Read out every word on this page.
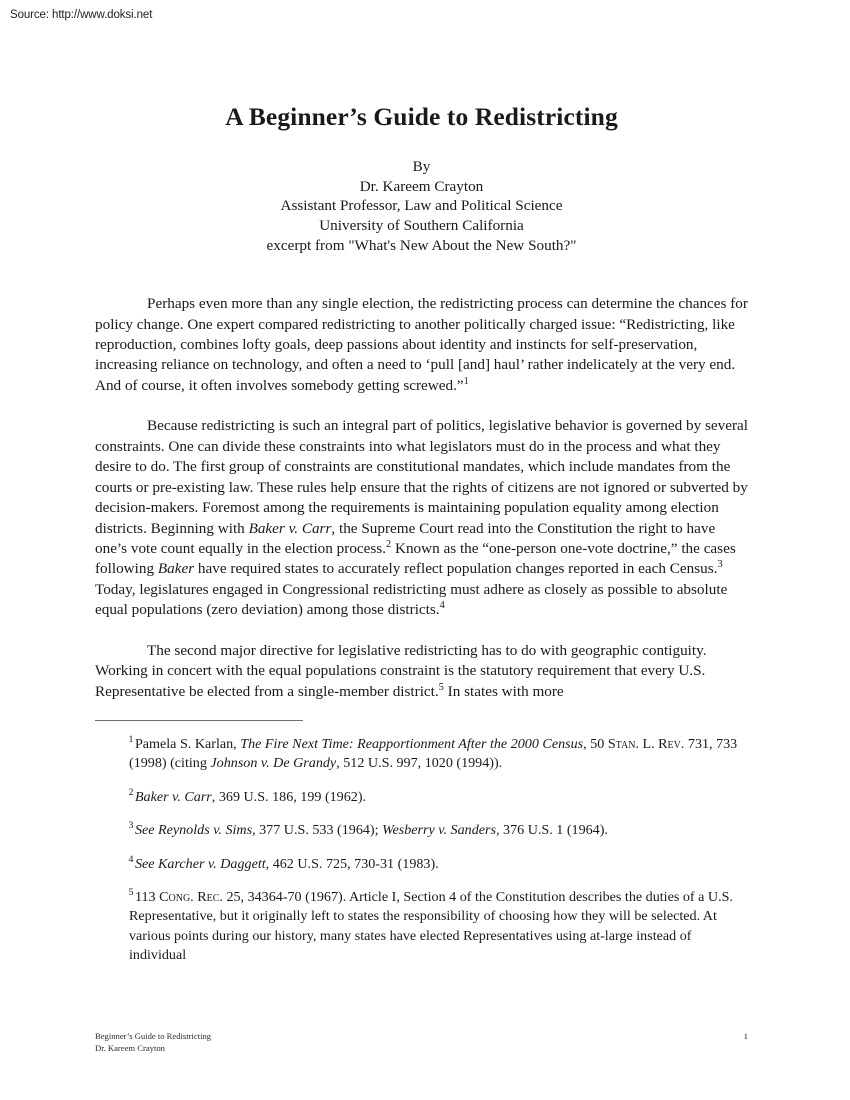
Source: http://www.doksi.net
A Beginner’s Guide to Redistricting
By
Dr. Kareem Crayton
Assistant Professor, Law and Political Science
University of Southern California
excerpt from "What's New About the New South?"

Perhaps even more than any single election, the redistricting process can determine the chances for policy change. One expert compared redistricting to another politically charged issue: “Redistricting, like reproduction, combines lofty goals, deep passions about identity and instincts for self-preservation, increasing reliance on technology, and often a need to ‘pull [and] haul’ rather indelicately at the very end. And of course, it often involves somebody getting screwed.”$^1$

Because redistricting is such an integral part of politics, legislative behavior is governed by several constraints. One can divide these constraints into what legislators must do in the process and what they desire to do. The first group of constraints are constitutional mandates, which include mandates from the courts or pre-existing law. These rules help ensure that the rights of citizens are not ignored or subverted by decision-makers. Foremost among the requirements is maintaining population equality among election districts. Beginning with Baker v. Carr, the Supreme Court read into the Constitution the right to have one’s vote count equally in the election process.$^2$ Known as the “one-person one-vote doctrine,” the cases following Baker have required states to accurately reflect population changes reported in each Census.$^3$ Today, legislatures engaged in Congressional redistricting must adhere as closely as possible to absolute equal populations (zero deviation) among those districts.$^4$

The second major directive for legislative redistricting has to do with geographic contiguity. Working in concert with the equal populations constraint is the statutory requirement that every U.S. Representative be elected from a single-member district.$^5$ In states with more

$^1$ Pamela S. Karlan, The Fire Next Time: Reapportionment After the 2000 Census, 50 Stan. L. Rev. 731, 733 (1998) (citing Johnson v. De Grandy, 512 U.S. 997, 1020 (1994)).

$^2$ Baker v. Carr, 369 U.S. 186, 199 (1962).

$^3$ See Reynolds v. Sims, 377 U.S. 533 (1964); Wesberry v. Sanders, 376 U.S. 1 (1964).

$^4$ See Karcher v. Daggett, 462 U.S. 725, 730-31 (1983).

$^5$ 113 Cong. Rec. 25, 34364-70 (1967). Article I, Section 4 of the Constitution describes the duties of a U.S. Representative, but it originally left to states the responsibility of choosing how they will be selected. At various points during our history, many states have elected Representatives using at-large instead of individual

Beginner’s Guide to Redistricting
Dr. Kareem Crayton
1
